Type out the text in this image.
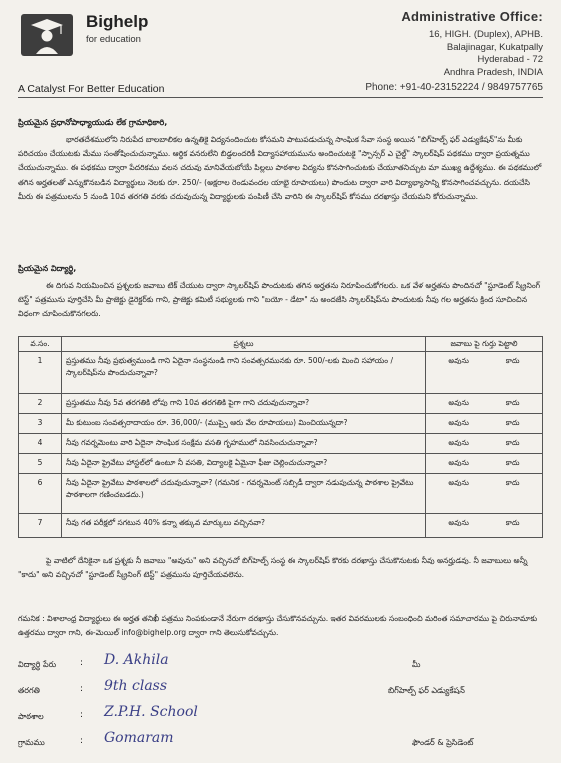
Bighelp
for education
A Catalyst For Better Education
Administrative Office:
16, HIGH. (Duplex), APHB.
Balajinagar, Kukatpally
Hyderabad - 72
Andhra Pradesh, INDIA
Phone: +91-40-23152224 / 9849757765
ప్రియమైన ప్రధానోపాధ్యాయుడు లేక గ్రామాధికారి,
భారతదేశములోని నిరుపేద బాలబాలికల ఉన్నతికై విద్యనందించుట కోసమని పాటుపడుచున్న సాంఘిక సేవా సంస్థ అయిన "బిగ్‌హెల్ప్ ఫర్ ఎడ్యుకేషన్"ను మీకు పరిచయం చేయుటకు మేము సంతోషించుచున్నాము. ఆర్థిక వనరులేని బిడ్డలందరికీ విద్యాసహాయమును అందించుటకై "స్పాన్సర్ ఎ చైల్డ్" స్కాలర్‌షిప్ పథకము ద్వారా ప్రయత్నము చేయుచున్నాము. ఈ పథకము ద్వారా పేదరికము వలన చదువు మానివేయబోయే పిల్లలు పాఠశాల విద్యను కొనసాగించుటకు చేయూతనిచ్చుట మా ముఖ్య ఉద్దేశ్యము. ఈ పథకములో తగిన అర్హతలతో ఎన్నుకొనబడిన విద్యార్థులు నెలకు రూ. 250/- (అక్షరాల రెండువందల యాభై రూపాయలు) పొందుట ద్వారా వారి విద్యాభ్యాసాన్ని కొనసాగించవచ్చును. దయచేసి మీరు ఈ పత్రములను 5 నుండి 10వ తరగతి వరకు చదువుచున్న విద్యార్థులకు పంపిణీ చేసి వారిని ఈ స్కాలర్‌షిప్ కోసము దరఖాస్తు చేయమని కోరుచున్నాము.
ప్రియమైన విద్యార్థి,
ఈ దిగువ నియమించిన ప్రశ్నలకు జవాబు టిక్ చేయుట ద్వారా స్కాలర్‌షిప్ పొందుటకు తగిన అర్హతను నిరూపించుకోగలరు. ఒక వేళ అర్హతను పొందినచో "స్టూడెంట్ స్క్రీనింగ్ టెస్ట్" పత్రమును పూర్తిచేసి మీ ప్రాజెక్టు డైరెక్టర్‌కు గాని, ప్రాజెక్టు కమిటీ సభ్యులకు గాని "బయో - డేటా" ను అందజేసి స్కాలర్‌షిప్‌ను పొందుటకు నీవు గల అర్హతను క్రింద సూచించిన విధంగా చూపించుకొనగలరు.
వ.సం.	ప్రశ్నలు	జవాబు పై గుర్తు పెట్టాలి
1	ప్రస్తుతము నీవు ప్రభుత్వముండి గాని ఏదైనా సంస్థనుండి గాని సంవత్సరమునకు రూ. 500/-లకు మించి సహాయం / స్కాలర్‌షిప్‌ను పొందుచున్నావా?	అవును కాదు

2	ప్రస్తుతము నీవు 5వ తరగతికి లోపు గాని 10వ తరగతికి పైగా గాని చదువుచున్నావా?	అవును కాదు

3	మీ కుటుంబ సంవత్సరాదాయం రూ. 36,000/- (ముప్పై ఆరు వేల రూపాయలు) మించియున్నదా?	అవును కాదు

4	నీవు గవర్నమెంటు వారి ఏదైనా సాంఘిక సంక్షేమ వసతి గృహములో నివసించుచున్నావా?	అవును కాదు

5	నీవు ఏదైనా ప్రైవేటు హాస్టల్‌లో ఉంటూ నీ వసతి, విద్యాలకై ఏమైనా ఫీజు చెల్లించుచున్నావా?	అవును కాదు

6	నీవు ఏదైనా ప్రైవేటు పాఠశాలలో చదువుచున్నావా? (గమనిక - గవర్నమెంట్ సబ్సిడీ ద్వారా నడుపుచున్న పాఠశాల ప్రైవేటు పాఠశాలగా గణించబడదు.)	అవును కాదు

7	నీవు గత పరీక్షలో సగటున 40% కన్నా తక్కువ మార్కులు వచ్చినవా?	అవును కాదు
పై వాటిలో దేనికైనా ఒక ప్రశ్నకు నీ జవాబు "అవును" అని వచ్చినచో బిగ్‌హెల్ప్ సంస్థ ఈ స్కాలర్‌షిప్ కొరకు దరఖాస్తు చేసుకొనుటకు నీవు అనర్హుడవు. నీ జవాబులు అన్నీ "కాదు" అని వచ్చినచో "స్టూడెంట్ స్క్రీనింగ్ టెస్ట్" పత్రమును పూర్తిచేయవలెను.
గమనిక : విశాలాంధ్ర విద్యార్థులు ఈ అర్హత తనిఖీ పత్రము నింపకుండానే నేరుగా దరఖాస్తు చేసుకొనవచ్చును. ఇతర వివరములకు సంబంధించి మరింత సమాచారము పై చిరునామాకు ఉత్తరము ద్వారా గాని, ఈ-మెయిల్ info@bighelp.org ద్వారా గాని తెలుసుకోవచ్చును.
విద్యార్థి పేరు	: D. Akhila
తరగతి	: 9th class
పాఠశాల	: Z.P.H. School
గ్రామము	: Gomaram
మీ
బిగ్‌హెల్ప్ ఫర్ ఎడ్యుకేషన్
ఫౌండర్ & ప్రెసిడెంట్
